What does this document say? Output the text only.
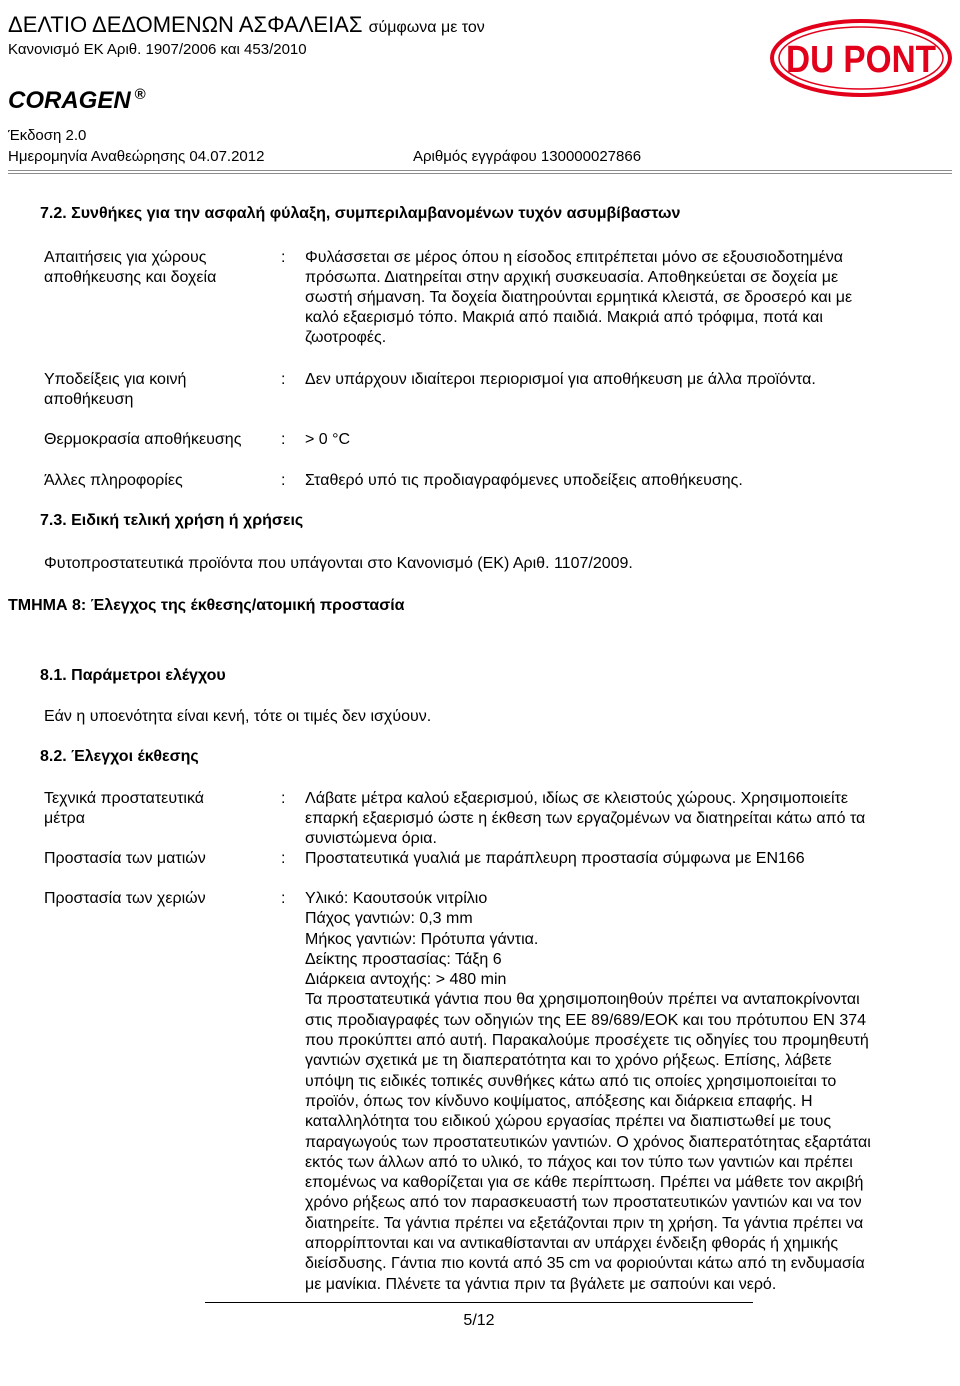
ΔΕΛΤΙΟ ΔΕΔΟΜΕΝΩΝ ΑΣΦΑΛΕΙΑΣ σύμφωνα με τον
Κανονισμό ΕΚ Αριθ. 1907/2006 και 453/2010
CORAGEN ®
Έκδοση 2.0
Ημερομηνία Αναθεώρησης 04.07.2012	Αριθμός εγγράφου 130000027866
DU PONT
7.2. Συνθήκες για την ασφαλή φύλαξη, συμπεριλαμβανομένων τυχόν ασυμβίβαστων
Απαιτήσεις για χώρους
αποθήκευσης και δοχεία
: Φυλάσσεται σε μέρος όπου η είσοδος επιτρέπεται μόνο σε εξουσιοδοτημένα
πρόσωπα. Διατηρείται στην αρχική συσκευασία. Αποθηκεύεται σε δοχεία με
σωστή σήμανση. Τα δοχεία διατηρούνται ερμητικά κλειστά, σε δροσερό και με
καλό εξαερισμό τόπο. Μακριά από παιδιά. Μακριά από τρόφιμα, ποτά και
ζωοτροφές.
Υποδείξεις για κοινή
αποθήκευση
: Δεν υπάρχουν ιδιαίτεροι περιορισμοί για αποθήκευση με άλλα προϊόντα.
Θερμοκρασία αποθήκευσης : > 0 °C
Άλλες πληροφορίες	: Σταθερό υπό τις προδιαγραφόμενες υποδείξεις αποθήκευσης.
7.3. Ειδική τελική χρήση ή χρήσεις
Φυτοπροστατευτικά προϊόντα που υπάγονται στο Κανονισμό (ΕΚ) Αριθ. 1107/2009.
ΤΜΗΜΑ 8: Έλεγχος της έκθεσης/ατομική προστασία
8.1. Παράμετροι ελέγχου
Εάν η υποενότητα είναι κενή, τότε οι τιμές δεν ισχύουν.
8.2. Έλεγχοι έκθεσης
Τεχνικά προστατευτικά
μέτρα
: Λάβατε μέτρα καλού εξαερισμού, ιδίως σε κλειστούς χώρους. Χρησιμοποιείτε
επαρκή εξαερισμό ώστε η έκθεση των εργαζομένων να διατηρείται κάτω από τα
συνιστώμενα όρια.
Προστασία των ματιών	: Προστατευτικά γυαλιά με παράπλευρη προστασία σύμφωνα με EN166
Προστασία των χεριών	: Υλικό: Καουτσούκ νιτρίλιο
Πάχος γαντιών: 0,3 mm
Μήκος γαντιών: Πρότυπα γάντια.
Δείκτης προστασίας: Τάξη 6
Διάρκεια αντοχής: > 480 min
Τα προστατευτικά γάντια που θα χρησιμοποιηθούν πρέπει να ανταποκρίνονται
στις προδιαγραφές των οδηγιών της ΕΕ 89/689/ΕΟΚ και του πρότυπου EN 374
που προκύπτει από αυτή. Παρακαλούμε προσέχετε τις οδηγίες του προμηθευτή
γαντιών σχετικά με τη διαπερατότητα και το χρόνο ρήξεως. Επίσης, λάβετε
υπόψη τις ειδικές τοπικές συνθήκες κάτω από τις οποίες χρησιμοποιείται το
προϊόν, όπως τον κίνδυνο κοψίματος, απόξεσης και διάρκεια επαφής. Η
καταλληλότητα του ειδικού χώρου εργασίας πρέπει να διαπιστωθεί με τους
παραγωγούς των προστατευτικών γαντιών. Ο χρόνος διαπερατότητας εξαρτάται
εκτός των άλλων από το υλικό, το πάχος και τον τύπο των γαντιών και πρέπει
επομένως να καθορίζεται για σε κάθε περίπτωση. Πρέπει να μάθετε τον ακριβή
χρόνο ρήξεως από τον παρασκευαστή των προστατευτικών γαντιών και να τον
διατηρείτε. Τα γάντια πρέπει να εξετάζονται πριν τη χρήση. Τα γάντια πρέπει να
απορρίπτονται και να αντικαθίστανται αν υπάρχει ένδειξη φθοράς ή χημικής
διείσδυσης. Γάντια πιο κοντά από 35 cm να φοριούνται κάτω από τη ενδυμασία
με μανίκια. Πλένετε τα γάντια πριν τα βγάλετε με σαπούνι και νερό.
5/12
